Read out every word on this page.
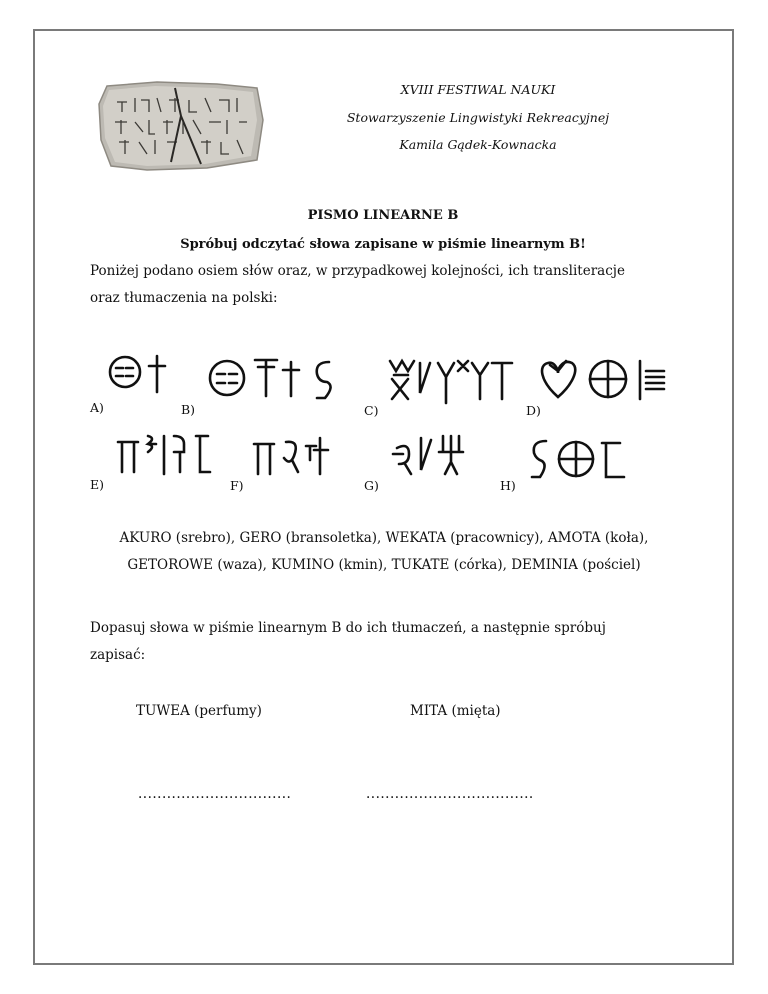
XVIII FESTIWAL NAUKI
Stowarzyszenie Lingwistyki Rekreacyjnej
Kamila Gądek-Kownacka
PISMO LINEARNE B
Spróbuj odczytać słowa zapisane w piśmie linearnym B!
Poniżej podano osiem słów oraz, w przypadkowej kolejności, ich transliteracje
oraz tłumaczenia na polski:
A)	B)	C)	D)
E)	F)	G)	H)
AKURO (srebro), GERO (bransoletka), WEKATA (pracownicy), AMOTA (koła),
GETOROWE (waza), KUMINO (kmin), TUKATE (córka), DEMINIA (pościel)
Dopasuj słowa w piśmie linearnym B do ich tłumaczeń, a następnie spróbuj
zapisać:
TUWEA (perfumy)	MITA (mięta)
................................	...................................
